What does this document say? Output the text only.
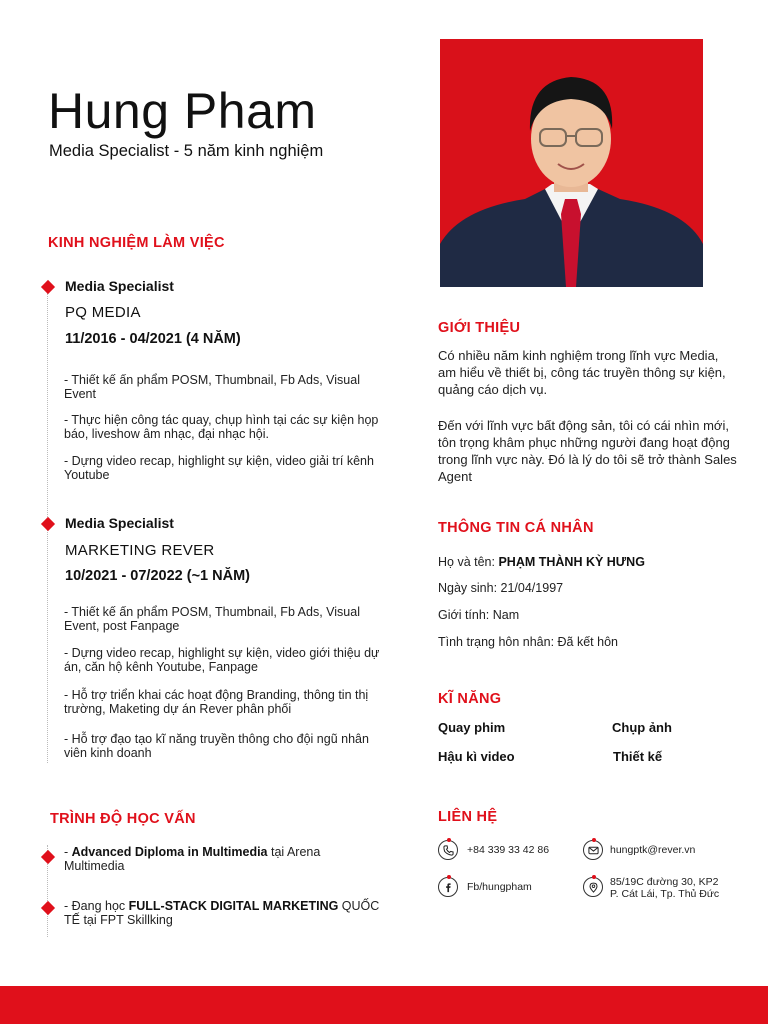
Hung Pham
Media Specialist - 5 năm kinh nghiệm
KINH NGHIỆM LÀM VIỆC
Media Specialist
PQ MEDIA
11/2016 - 04/2021 (4 NĂM)
- Thiết kế ấn phẩm POSM, Thumbnail, Fb Ads, Visual Event
- Thực hiện công tác quay, chụp hình tại các sự kiện họp báo, liveshow âm nhạc, đại nhạc hội.
- Dựng video recap, highlight sự kiện, video giải trí kênh Youtube
Media Specialist
MARKETING REVER
10/2021 - 07/2022 (~1 NĂM)
- Thiết kế ấn phẩm POSM, Thumbnail, Fb Ads, Visual Event, post Fanpage
- Dựng video recap, highlight sự kiện, video giới thiệu dự án, căn hộ kênh Youtube, Fanpage
- Hỗ trợ triển khai các hoạt động Branding, thông tin thị trường, Maketing dự án Rever phân phối
- Hỗ trợ đạo tạo kĩ năng truyền thông cho đội ngũ nhân viên kinh doanh
TRÌNH ĐỘ HỌC VẤN
- Advanced Diploma in Multimedia tại Arena Multimedia
- Đang học FULL-STACK DIGITAL MARKETING QUỐC TẾ tại FPT Skillking
GIỚI THIỆU
Có nhiều năm kinh nghiệm trong lĩnh vực Media, am hiểu về thiết bị, công tác truyền thông sự kiện, quảng cáo dịch vụ.
Đến với lĩnh vực bất động sản, tôi có cái nhìn mới, tôn trọng khâm phục những người đang hoạt động trong lĩnh vực này. Đó là lý do tôi sẽ trở thành Sales Agent
THÔNG TIN CÁ NHÂN
Họ và tên: PHẠM THÀNH KỲ HƯNG
Ngày sinh: 21/04/1997
Giới tính: Nam
Tình trạng hôn nhân: Đã kết hôn
KĨ NĂNG
Quay phim	Chụp ảnh
Hậu kì video	Thiết kế
LIÊN HỆ
+84 339 33 42 86	hungptk@rever.vn
Fb/hungpham	85/19C đường 30, KP2
P. Cát Lái, Tp. Thủ Đức
